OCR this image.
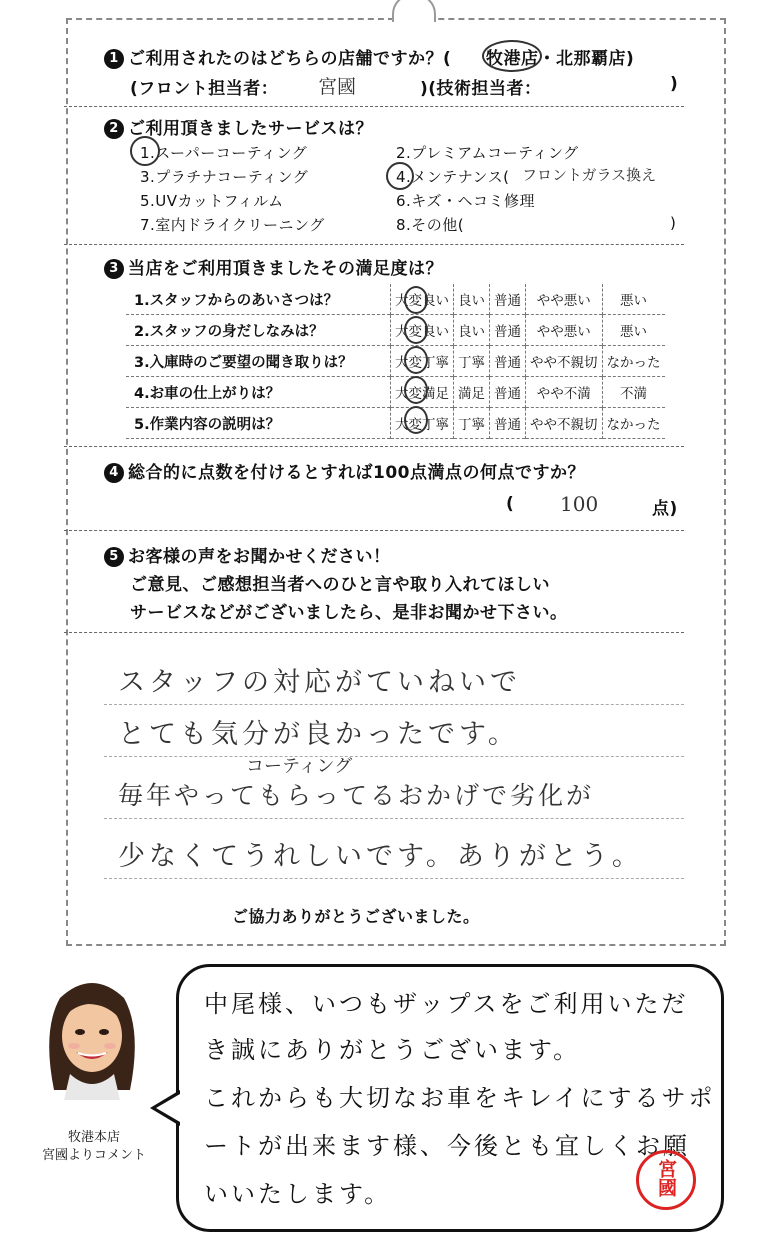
1 ご利用されたのはどちらの店舗ですか？( 牧港店・北那覇店)
(フロント担当者： 宮國	)(技術担当者：	)
2 ご利用頂きましたサービスは？
1.スーパーコーティング	2.プレミアムコーティング
3.プラチナコーティング	4.メンテナンス( フロントガラス換え
5.UVカットフィルム	6.キズ・ヘコミ修理
7.室内ドライクリーニング	8.その他(	)
3 当店をご利用頂きましたその満足度は？
1.スタッフからのあいさつは？	大変良い	良い	普通	やや悪い	悪い
2.スタッフの身だしなみは？	大変良い	良い	普通	やや悪い	悪い
3.入庫時のご要望の聞き取りは？	大変丁寧	丁寧	普通	やや不親切	なかった
4.お車の仕上がりは？	大変満足	満足	普通	やや不満	不満
5.作業内容の説明は？	大変丁寧	丁寧	普通	やや不親切	なかった
4 総合的に点数を付けるとすれば100点満点の何点ですか？
( 100	点)
5 お客様の声をお聞かせください！
ご意見、ご感想担当者へのひと言や取り入れてほしい
サービスなどがございましたら、是非お聞かせ下さい。
スタッフの対応がていねいで
とても気分が良かったです。
コーティング
毎年やってもらってるおかげで劣化が
少なくてうれしいです。ありがとう。
ご協力ありがとうございました。
牧港本店
宮國よりコメント
中尾様、いつもザップスをご利用いただ
き誠にありがとうございます。
これからも大切なお車をキレイにするサポ
ートが出来ます様、今後とも宜しくお願
いいたします。	宮國
